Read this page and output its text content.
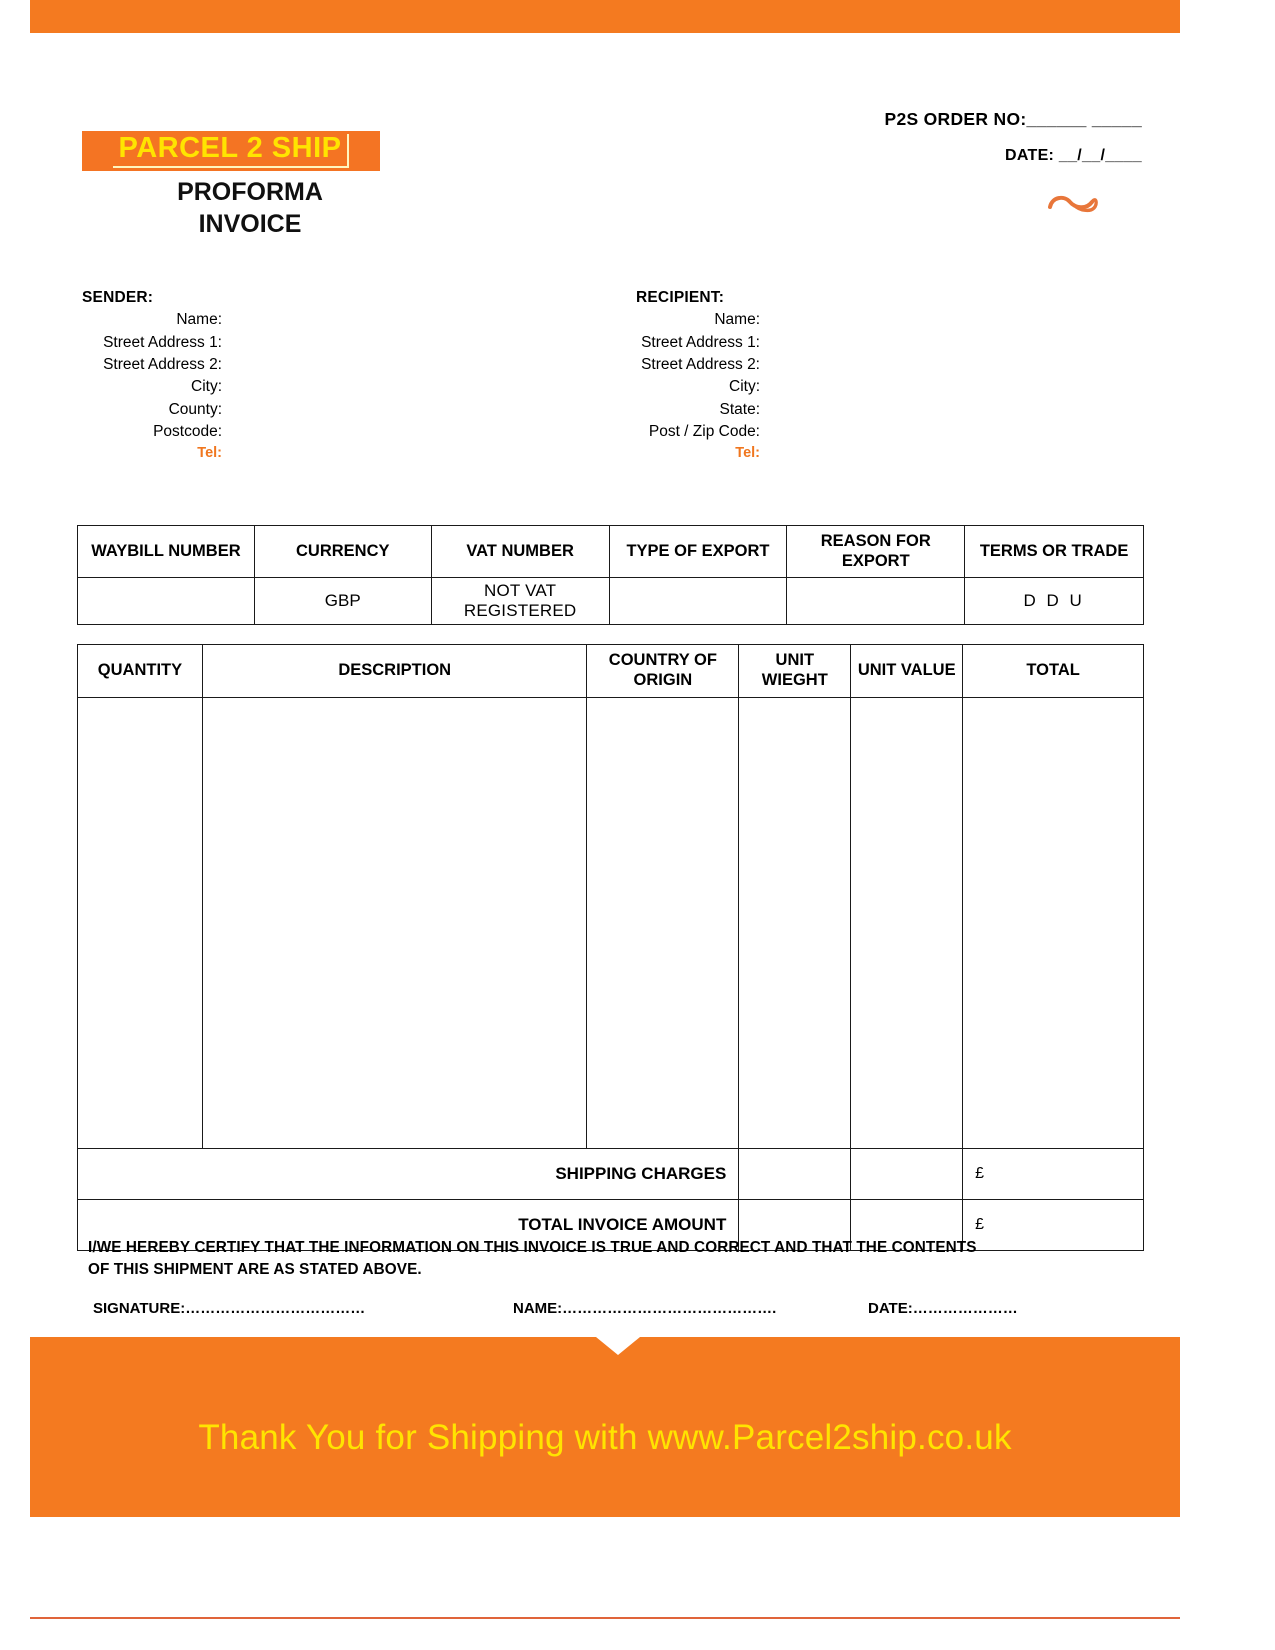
PARCEL 2 SHIP
PROFORMA
INVOICE
P2S ORDER NO:______ _____
DATE: __/__/____
SENDER:
Name:
Street Address 1:
Street Address 2:
City:
County:
Postcode:
Tel:
RECIPIENT:
Name:
Street Address 1:
Street Address 2:
City:
State:
Post / Zip Code:
Tel:
WAYBILL NUMBER	CURRENCY	VAT NUMBER	TYPE OF EXPORT	REASON FOR EXPORT	TERMS OR TRADE
	GBP	NOT VAT REGISTERED			D D U
QUANTITY	DESCRIPTION	COUNTRY OF ORIGIN	UNIT WIEGHT	UNIT VALUE	TOTAL

SHIPPING CHARGES					£
TOTAL INVOICE AMOUNT					£
I/WE HEREBY CERTIFY THAT THE INFORMATION ON THIS INVOICE IS TRUE AND CORRECT AND THAT THE CONTENTS
OF THIS SHIPMENT ARE AS STATED ABOVE.
SIGNATURE:………………………………	NAME:…………………………………….	DATE:…………………
Thank You for Shipping with www.Parcel2ship.co.uk
